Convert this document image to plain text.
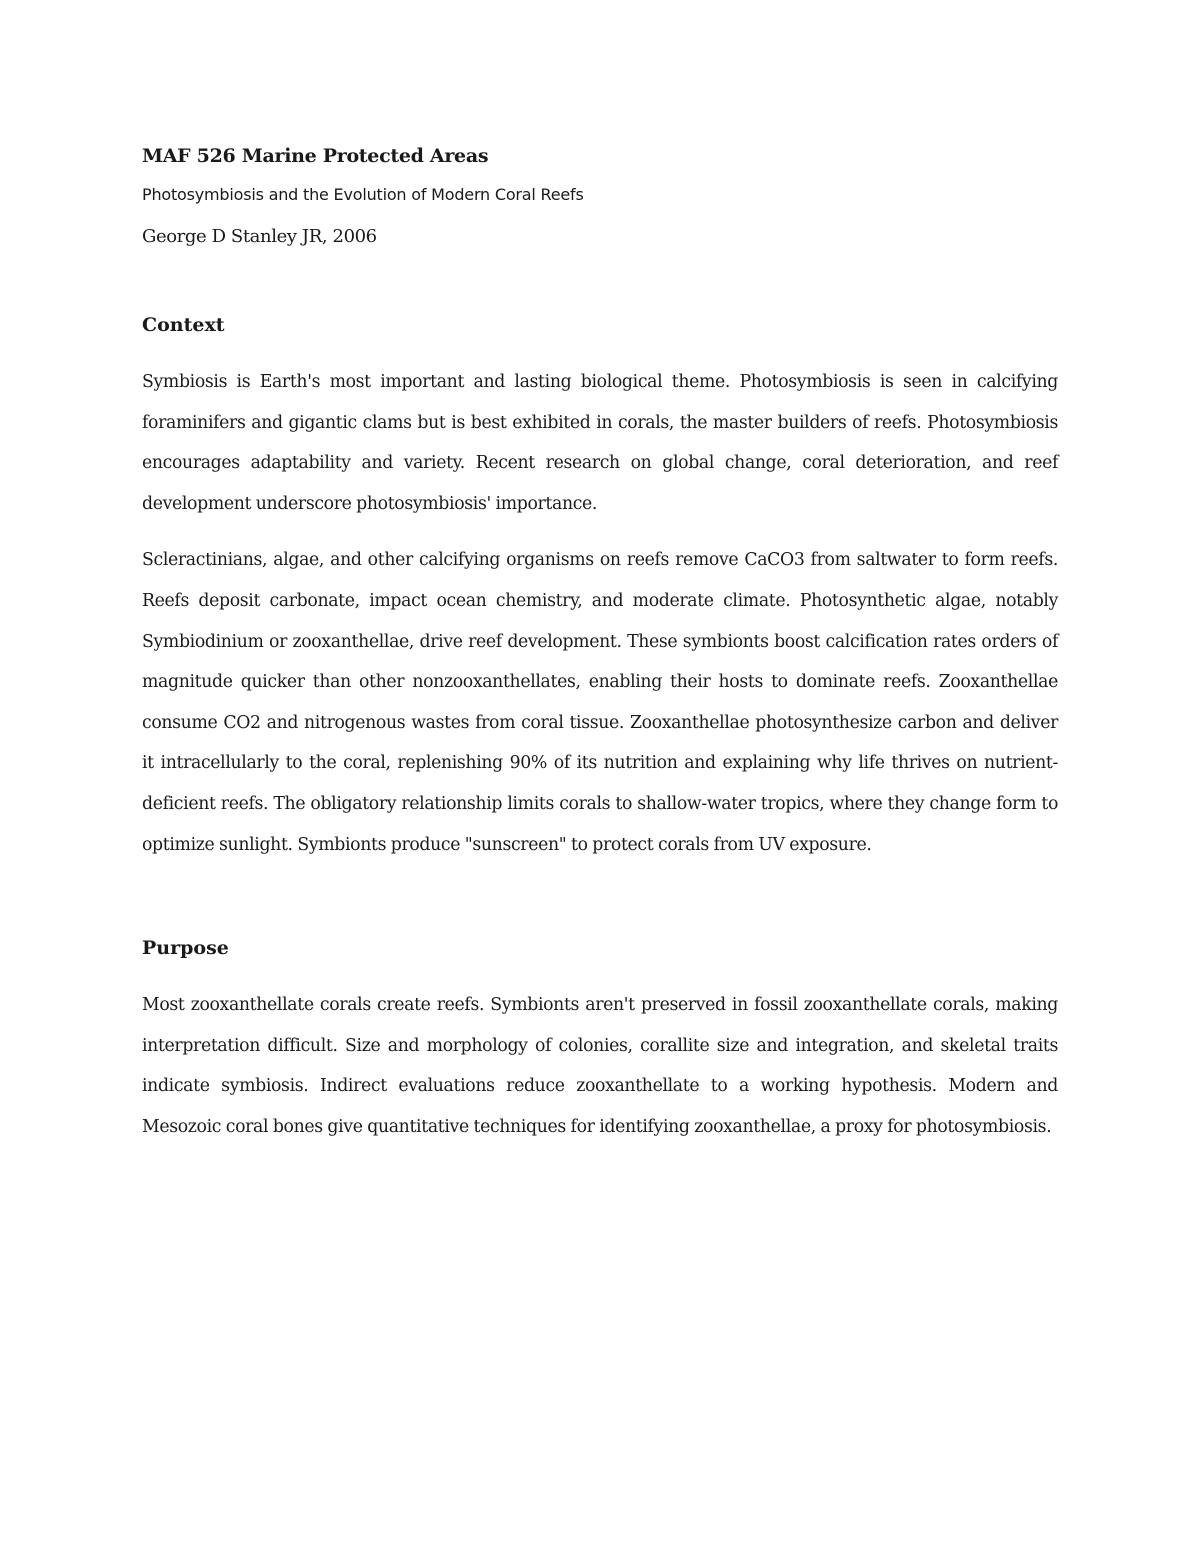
MAF 526 Marine Protected Areas

Photosymbiosis and the Evolution of Modern Coral Reefs

George D Stanley JR, 2006

Context

Symbiosis is Earth's most important and lasting biological theme. Photosymbiosis is seen in calcifying foraminifers and gigantic clams but is best exhibited in corals, the master builders of reefs. Photosymbiosis encourages adaptability and variety. Recent research on global change, coral deterioration, and reef development underscore photosymbiosis' importance.

Scleractinians, algae, and other calcifying organisms on reefs remove CaCO3 from saltwater to form reefs. Reefs deposit carbonate, impact ocean chemistry, and moderate climate. Photosynthetic algae, notably Symbiodinium or zooxanthellae, drive reef development. These symbionts boost calcification rates orders of magnitude quicker than other nonzooxanthellates, enabling their hosts to dominate reefs. Zooxanthellae consume CO2 and nitrogenous wastes from coral tissue. Zooxanthellae photosynthesize carbon and deliver it intracellularly to the coral, replenishing 90% of its nutrition and explaining why life thrives on nutrient-deficient reefs. The obligatory relationship limits corals to shallow-water tropics, where they change form to optimize sunlight. Symbionts produce "sunscreen" to protect corals from UV exposure.

Purpose

Most zooxanthellate corals create reefs. Symbionts aren't preserved in fossil zooxanthellate corals, making interpretation difficult. Size and morphology of colonies, corallite size and integration, and skeletal traits indicate symbiosis. Indirect evaluations reduce zooxanthellate to a working hypothesis. Modern and Mesozoic coral bones give quantitative techniques for identifying zooxanthellae, a proxy for photosymbiosis.
